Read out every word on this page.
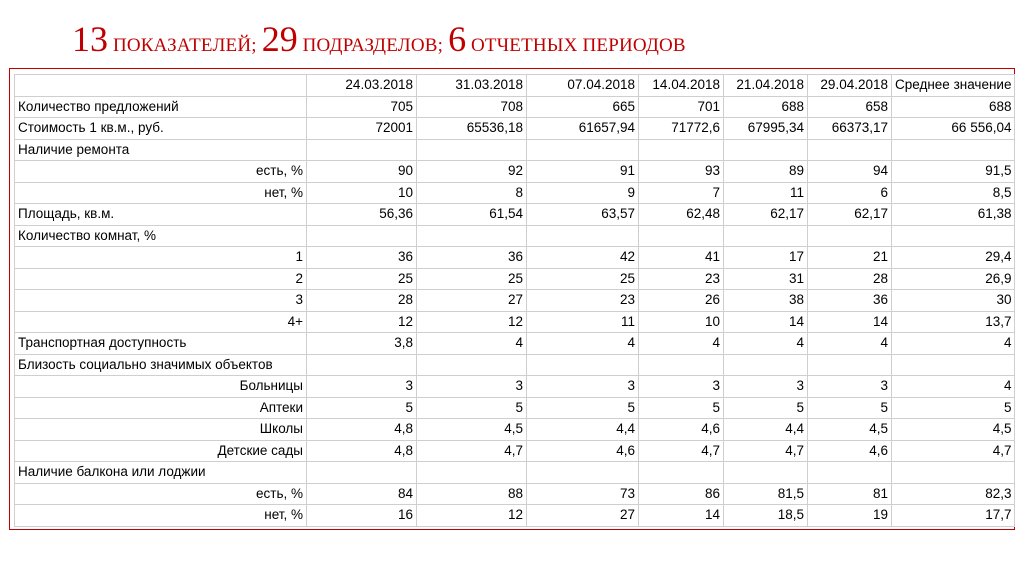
13 ПОКАЗАТЕЛЕЙ; 29 ПОДРАЗДЕЛОВ; 6 ОТЧЕТНЫХ ПЕРИОДОВ
	24.03.2018	31.03.2018	07.04.2018	14.04.2018	21.04.2018	29.04.2018	Среднее значение
Количество предложений	705	708	665	701	688	658	688
Стоимость 1 кв.м., руб.	72001	65536,18	61657,94	71772,6	67995,34	66373,17	66 556,04
Наличие ремонта							
есть, %	90	92	91	93	89	94	91,5
нет, %	10	8	9	7	11	6	8,5
Площадь, кв.м.	56,36	61,54	63,57	62,48	62,17	62,17	61,38
Количество комнат, %							
1	36	36	42	41	17	21	29,4
2	25	25	25	23	31	28	26,9
3	28	27	23	26	38	36	30
4+	12	12	11	10	14	14	13,7
Транспортная доступность	3,8	4	4	4	4	4	4
Близость социально значимых объектов							
Больницы	3	3	3	3	3	3	4
Аптеки	5	5	5	5	5	5	5
Школы	4,8	4,5	4,4	4,6	4,4	4,5	4,5
Детские сады	4,8	4,7	4,6	4,7	4,7	4,6	4,7
Наличие балкона или лоджии							
есть, %	84	88	73	86	81,5	81	82,3
нет, %	16	12	27	14	18,5	19	17,7
